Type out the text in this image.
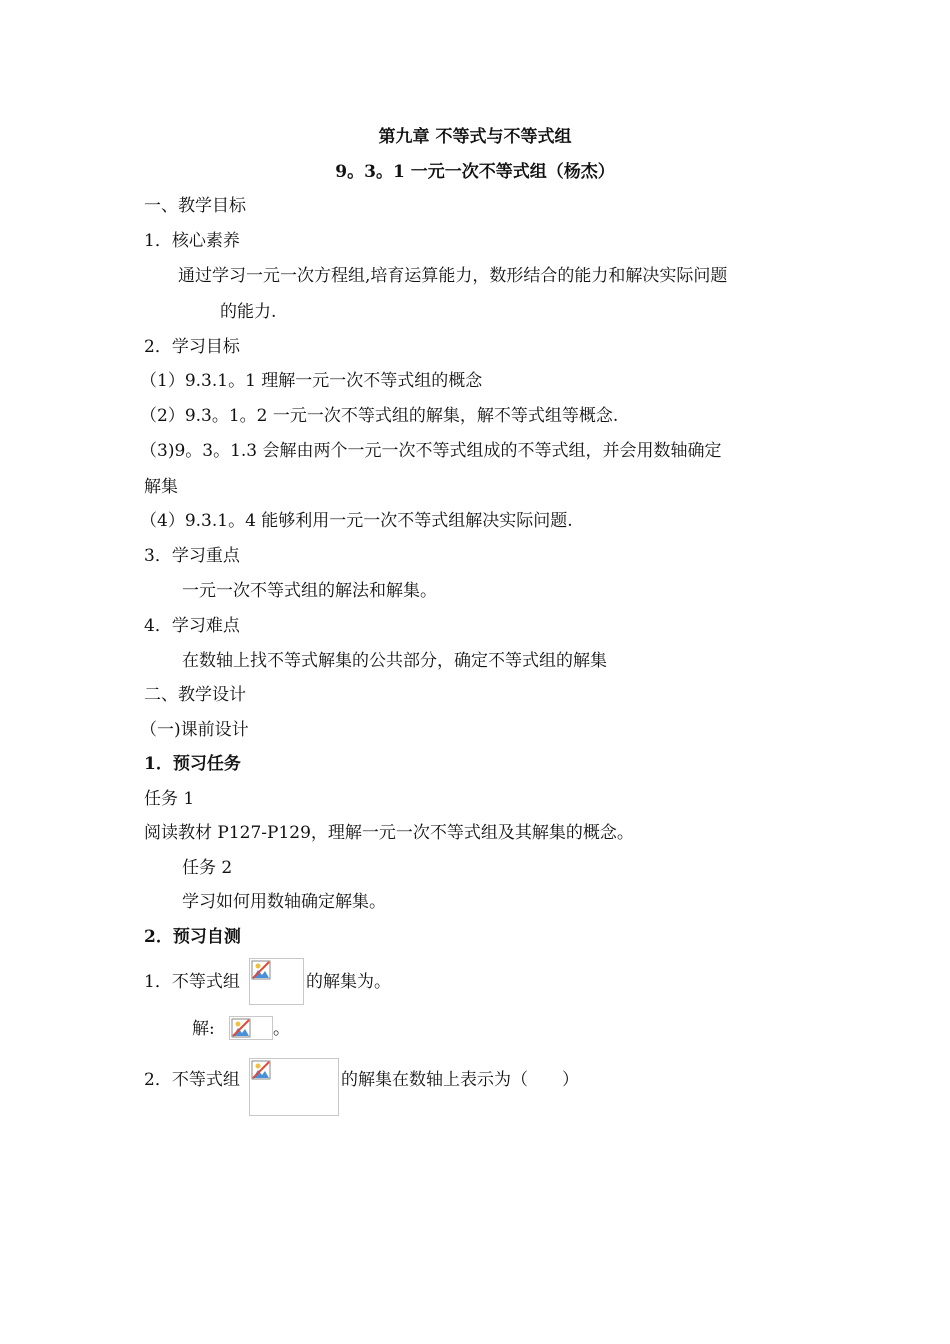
第九章 不等式与不等式组
9。3。1 一元一次不等式组（杨杰）
一、教学目标
1．核心素养
通过学习一元一次方程组,培育运算能力，数形结合的能力和解决实际问题
的能力.
2．学习目标
（1）9.3.1。1 理解一元一次不等式组的概念
（2）9.3。1。2 一元一次不等式组的解集，解不等式组等概念.
（3)9。3。1.3 会解由两个一元一次不等式组成的不等式组，并会用数轴确定
解集
（4）9.3.1。4 能够利用一元一次不等式组解决实际问题.
3．学习重点
一元一次不等式组的解法和解集。
4．学习难点
在数轴上找不等式解集的公共部分，确定不等式组的解集
二、教学设计
（一)课前设计
1．预习任务
任务 1
阅读教材 P127-P129，理解一元一次不等式组及其解集的概念。
任务 2
学习如何用数轴确定解集。
2．预习自测
1．不等式组	的解集为。
解:	。
2．不等式组	的解集在数轴上表示为（　　）
